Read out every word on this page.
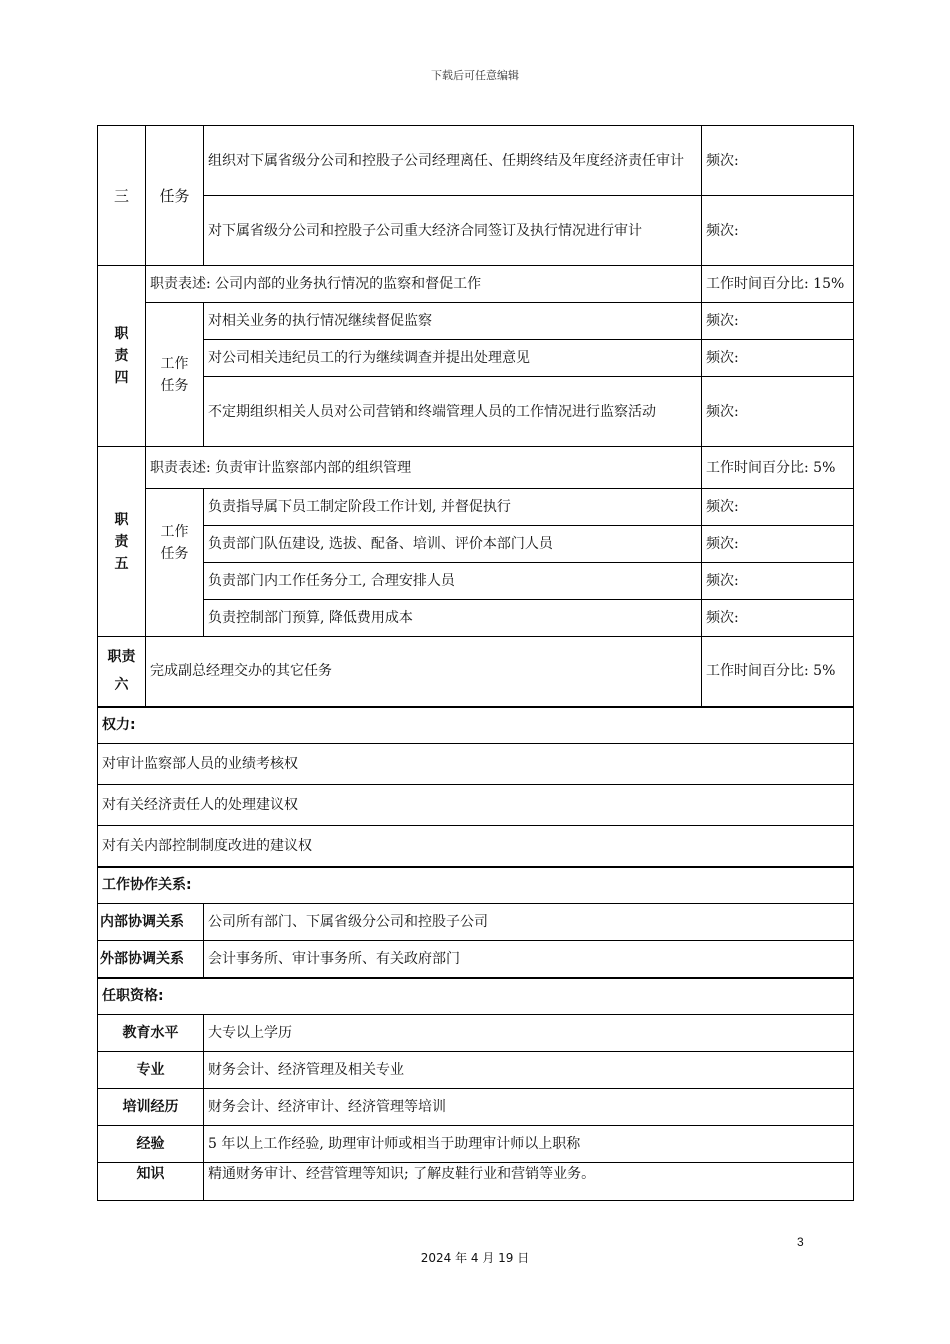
下载后可任意编辑
三	任务	组织对下属省级分公司和控股子公司经理离任、任期终结及年度经济责任审计	频次:
		对下属省级分公司和控股子公司重大经济合同签订及执行情况进行审计	频次:

职
责
四	职责表述: 公司内部的业务执行情况的监察和督促工作		工作时间百分比: 15%

	工作
任务	对相关业务的执行情况继续督促监察	频次:
		对公司相关违纪员工的行为继续调查并提出处理意见	频次:
		不定期组织相关人员对公司营销和终端管理人员的工作情况进行监察活动	频次:

职
责
五	职责表述: 负责审计监察部内部的组织管理		工作时间百分比: 5%

	工作
任务	负责指导属下员工制定阶段工作计划, 并督促执行	频次:
		负责部门队伍建设, 选拔、配备、培训、评价本部门人员	频次:
		负责部门内工作任务分工, 合理安排人员	频次:
		负责控制部门预算, 降低费用成本	频次:

职责
六	完成副总经理交办的其它任务		工作时间百分比: 5%
权力:			
对审计监察部人员的业绩考核权			
对有关经济责任人的处理建议权			
对有关内部控制制度改进的建议权			
工作协作关系:			
内部协调关系		公司所有部门、下属省级分公司和控股子公司	
外部协调关系		会计事务所、审计事务所、有关政府部门	
任职资格:			
教育水平		大专以上学历	
专业		财务会计、经济管理及相关专业	
培训经历		财务会计、经济审计、经济管理等培训	
经验		5 年以上工作经验, 助理审计师或相当于助理审计师以上职称	
知识		精通财务审计、经营管理等知识; 了解皮鞋行业和营销等业务。	
3
2024 年 4 月 19 日
